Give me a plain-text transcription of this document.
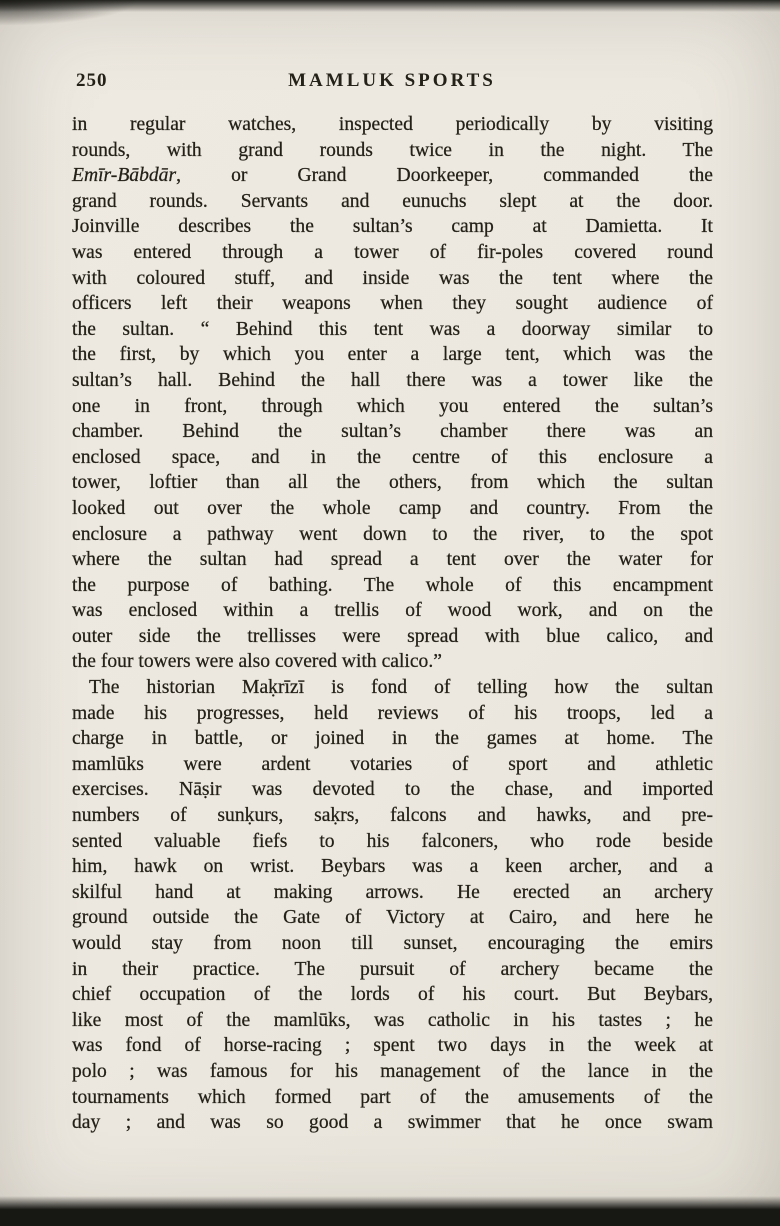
250	MAMLUK SPORTS
in regular watches, inspected periodically by visiting
rounds, with grand rounds twice in the night. The
Emīr-Bābdār, or Grand Doorkeeper, commanded the
grand rounds. Servants and eunuchs slept at the door.
Joinville describes the sultan’s camp at Damietta. It
was entered through a tower of fir-poles covered round
with coloured stuff, and inside was the tent where the
officers left their weapons when they sought audience of
the sultan. “ Behind this tent was a doorway similar to
the first, by which you enter a large tent, which was the
sultan’s hall. Behind the hall there was a tower like the
one in front, through which you entered the sultan’s
chamber. Behind the sultan’s chamber there was an
enclosed space, and in the centre of this enclosure a
tower, loftier than all the others, from which the sultan
looked out over the whole camp and country. From the
enclosure a pathway went down to the river, to the spot
where the sultan had spread a tent over the water for
the purpose of bathing. The whole of this encampment
was enclosed within a trellis of wood work, and on the
outer side the trellisses were spread with blue calico, and
the four towers were also covered with calico.”
The historian Maḳrīzī is fond of telling how the sultan
made his progresses, held reviews of his troops, led a
charge in battle, or joined in the games at home. The
mamlūks were ardent votaries of sport and athletic
exercises. Nāṣir was devoted to the chase, and imported
numbers of sunḳurs, saḳrs, falcons and hawks, and pre-
sented valuable fiefs to his falconers, who rode beside
him, hawk on wrist. Beybars was a keen archer, and a
skilful hand at making arrows. He erected an archery
ground outside the Gate of Victory at Cairo, and here he
would stay from noon till sunset, encouraging the emirs
in their practice. The pursuit of archery became the
chief occupation of the lords of his court. But Beybars,
like most of the mamlūks, was catholic in his tastes ; he
was fond of horse-racing ; spent two days in the week at
polo ; was famous for his management of the lance in the
tournaments which formed part of the amusements of the
day ; and was so good a swimmer that he once swam
